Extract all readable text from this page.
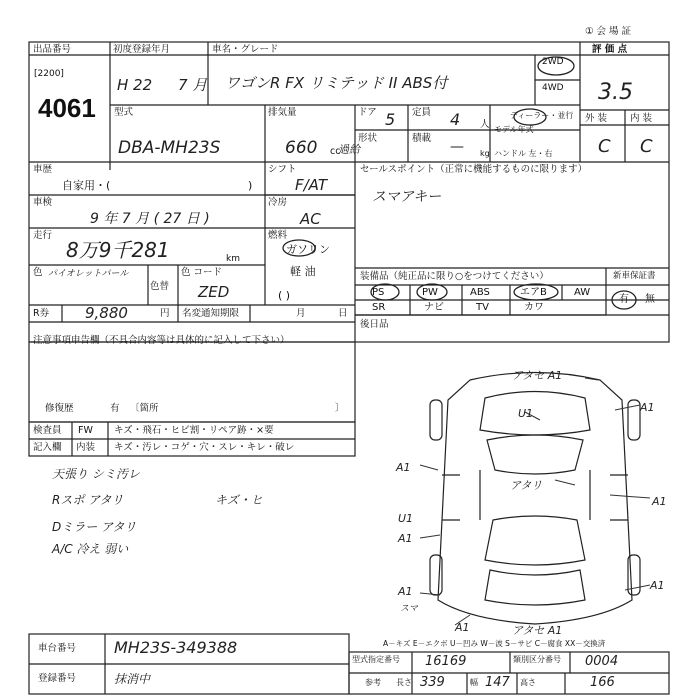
① 会 場 証
出品番号
[2200]
4061
初度登録年月
H 22 7 月
車名・グレード
ワゴンR FX リミテッド II ABS付
2WD
4WD
評 価 点
3.5
外 装 内 装
C C
型式
DBA-MH23S
排気量
660 cc
過給
ドア 5 定員 4 人
形状	積載
— kg
ディーラー・並行
モデル年式
ハンドル 左・右
車歴
自家用・(	)
シフト
F/AT
車検
9 年 7 月 ( 27 日 )
冷房
AC
走行
8万9千281	km
燃料
ガソリン
軽 油
( )
色 パイオレットパール
色替
色 コード
ZED
R券 9,880	円 名変通知期限	月	日
セールスポイント（正常に機能するものに限ります）
スマアキー
装備品（純正品に限り○をつけてください）	新車保証書
PS	PW	ABS	エアB	AW
SR	ナビ	TV	カワ
有 無
後日品
注意事項申告欄（不具合内容等は具体的に記入して下さい）
修復歴	有 〔箇所	〕
検査員
記入欄
FW キズ・飛石・ヒビ割・リペア跡・×要
内装 キズ・汚レ・コゲ・穴・スレ・キレ・破レ
天張り シミ汚レ
Rスポ アタリ	キズ・ヒ
Dミラー アタリ
A/C 冷え 弱い
アタセ A1
A1
U1
A1
アタリ
A1
U1
A1
A1	A1
スマ
A1	アタセ A1
車台番号 MH23S-349388
登録番号	抹消中
A－キズ E－エクボ U－凹み W－波 S－サビ C－腐食 XX－交換済
型式指定番号 16169	類別区分番号 0004
参考 長さ 339	幅 147 高さ	166
